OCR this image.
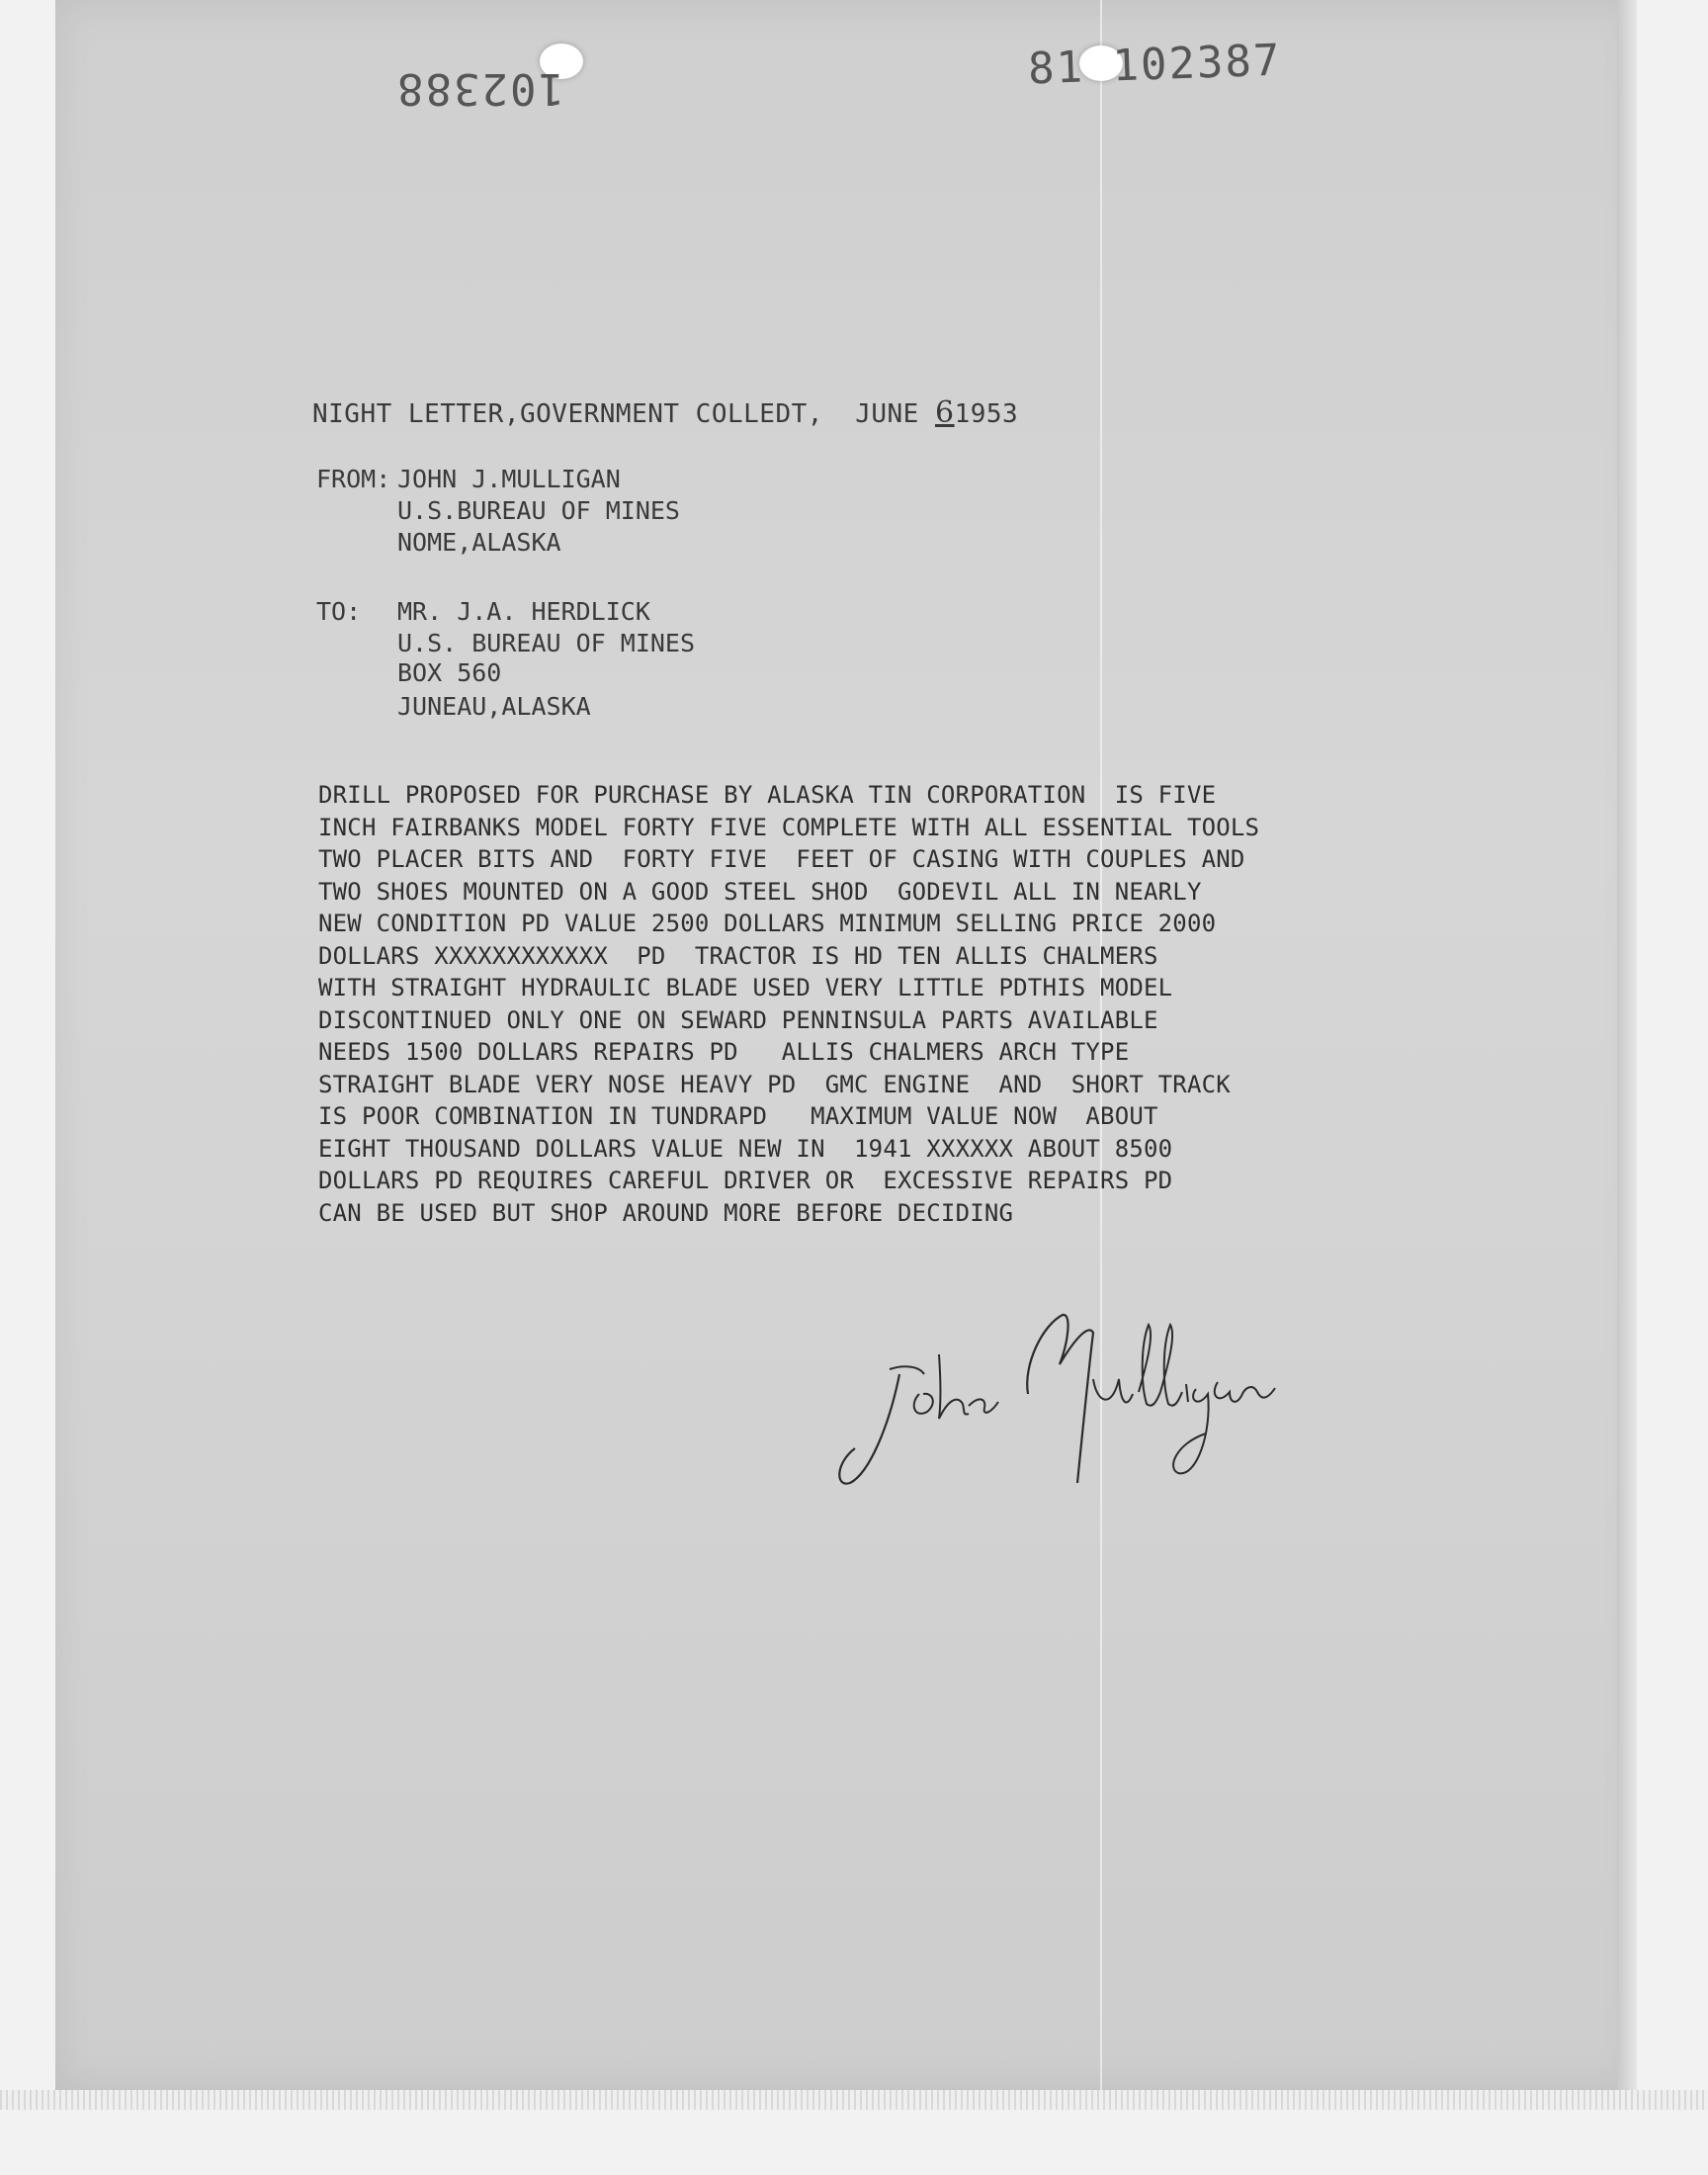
102388	81 102387
NIGHT LETTER,GOVERNMENT COLLEDT,  JUNE 61953
FROM: JOHN J.MULLIGAN
U.S.BUREAU OF MINES
NOME,ALASKA
TO: MR. J.A. HERDLICK
U.S. BUREAU OF MINES
BOX 560
JUNEAU,ALASKA
DRILL PROPOSED FOR PURCHASE BY ALASKA TIN CORPORATION  IS FIVE
INCH FAIRBANKS MODEL FORTY FIVE COMPLETE WITH ALL ESSENTIAL TOOLS
TWO PLACER BITS AND  FORTY FIVE  FEET OF CASING WITH COUPLES AND
TWO SHOES MOUNTED ON A GOOD STEEL SHOD  GODEVIL ALL IN NEARLY
NEW CONDITION PD VALUE 2500 DOLLARS MINIMUM SELLING PRICE 2000
DOLLARS XXXXXXXXXXXX  PD  TRACTOR IS HD TEN ALLIS CHALMERS
WITH STRAIGHT HYDRAULIC BLADE USED VERY LITTLE PDTHIS MODEL
DISCONTINUED ONLY ONE ON SEWARD PENNINSULA PARTS AVAILABLE
NEEDS 1500 DOLLARS REPAIRS PD   ALLIS CHALMERS ARCH TYPE
STRAIGHT BLADE VERY NOSE HEAVY PD  GMC ENGINE  AND  SHORT TRACK
IS POOR COMBINATION IN TUNDRAPD   MAXIMUM VALUE NOW  ABOUT
EIGHT THOUSAND DOLLARS VALUE NEW IN  1941 XXXXXX ABOUT 8500
DOLLARS PD REQUIRES CAREFUL DRIVER OR  EXCESSIVE REPAIRS PD
CAN BE USED BUT SHOP AROUND MORE BEFORE DECIDING
